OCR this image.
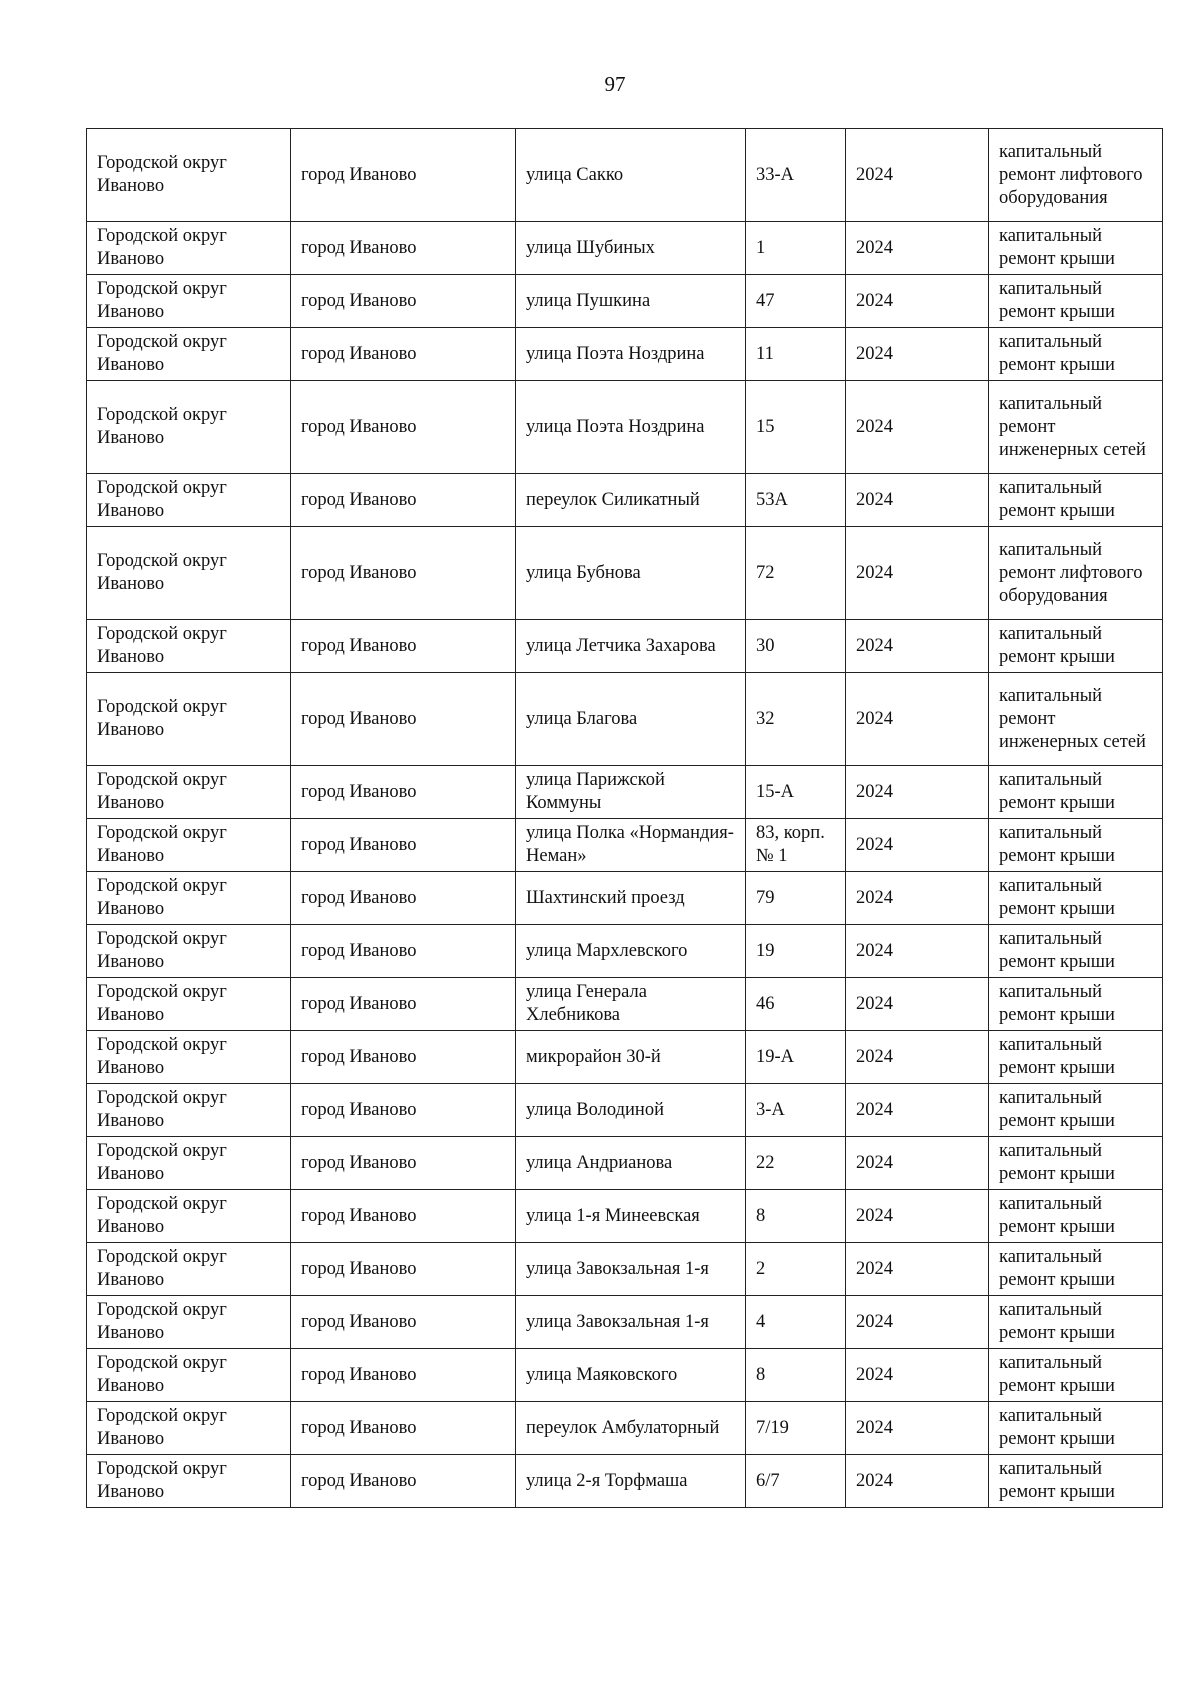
97
Городской округ Иваново	город Иваново	улица Сакко	33-А	2024	капитальный ремонт лифтового оборудования
Городской округ Иваново	город Иваново	улица Шубиных	1	2024	капитальный ремонт крыши
Городской округ Иваново	город Иваново	улица Пушкина	47	2024	капитальный ремонт крыши
Городской округ Иваново	город Иваново	улица Поэта Ноздрина	11	2024	капитальный ремонт крыши
Городской округ Иваново	город Иваново	улица Поэта Ноздрина	15	2024	капитальный ремонт инженерных сетей
Городской округ Иваново	город Иваново	переулок Силикатный	53А	2024	капитальный ремонт крыши
Городской округ Иваново	город Иваново	улица Бубнова	72	2024	капитальный ремонт лифтового оборудования
Городской округ Иваново	город Иваново	улица Летчика Захарова	30	2024	капитальный ремонт крыши
Городской округ Иваново	город Иваново	улица Благова	32	2024	капитальный ремонт инженерных сетей
Городской округ Иваново	город Иваново	улица Парижской Коммуны	15-А	2024	капитальный ремонт крыши
Городской округ Иваново	город Иваново	улица Полка «Нормандия-Неман»	83, корп. № 1	2024	капитальный ремонт крыши
Городской округ Иваново	город Иваново	Шахтинский проезд	79	2024	капитальный ремонт крыши
Городской округ Иваново	город Иваново	улица Мархлевского	19	2024	капитальный ремонт крыши
Городской округ Иваново	город Иваново	улица Генерала Хлебникова	46	2024	капитальный ремонт крыши
Городской округ Иваново	город Иваново	микрорайон 30-й	19-А	2024	капитальный ремонт крыши
Городской округ Иваново	город Иваново	улица Володиной	3-А	2024	капитальный ремонт крыши
Городской округ Иваново	город Иваново	улица Андрианова	22	2024	капитальный ремонт крыши
Городской округ Иваново	город Иваново	улица 1-я Минеевская	8	2024	капитальный ремонт крыши
Городской округ Иваново	город Иваново	улица Завокзальная 1-я	2	2024	капитальный ремонт крыши
Городской округ Иваново	город Иваново	улица Завокзальная 1-я	4	2024	капитальный ремонт крыши
Городской округ Иваново	город Иваново	улица Маяковского	8	2024	капитальный ремонт крыши
Городской округ Иваново	город Иваново	переулок Амбулаторный	7/19	2024	капитальный ремонт крыши
Городской округ Иваново	город Иваново	улица 2-я Торфмаша	6/7	2024	капитальный ремонт крыши
